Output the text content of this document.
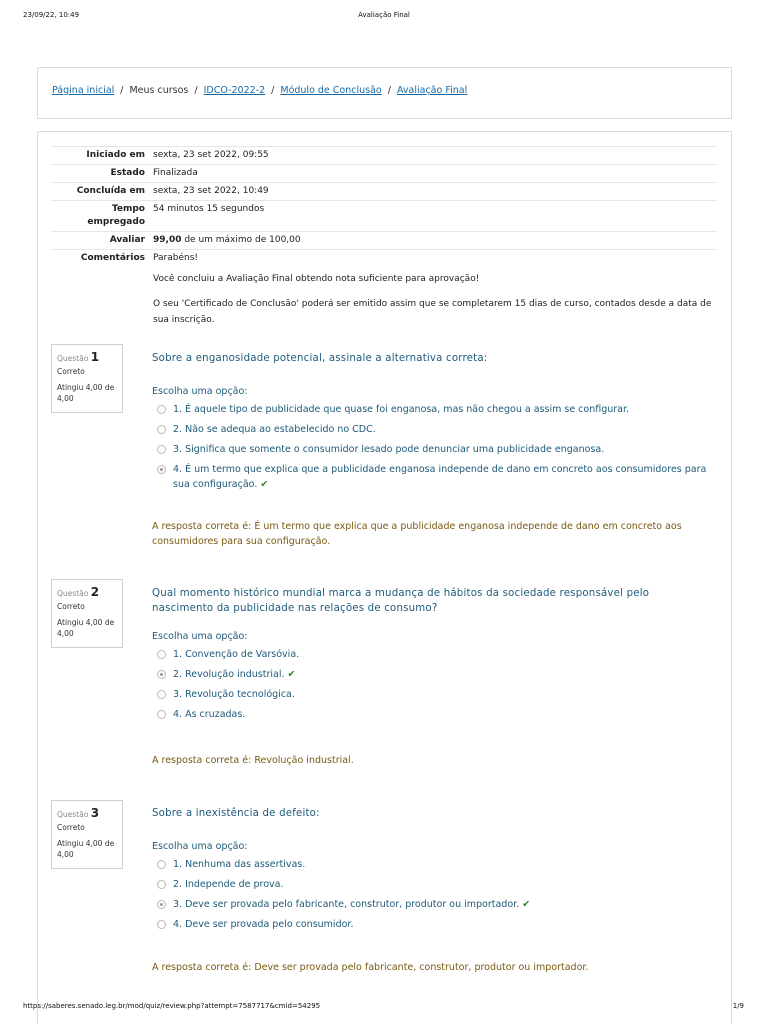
23/09/22, 10:49	Avaliação Final
Página inicial / Meus cursos / IDCO-2022-2 / Módulo de Conclusão / Avaliação Final
Iniciado em sexta, 23 set 2022, 09:55
Estado Finalizada
Concluída em sexta, 23 set 2022, 10:49
Tempo
empregado
54 minutos 15 segundos
Avaliar 99,00 de um máximo de 100,00
Comentários Parabéns!

Você concluiu a Avaliação Final obtendo nota suficiente para aprovação!

O seu 'Certificado de Conclusão' poderá ser emitido assim que se completarem 15 dias de curso, contados desde a data de sua inscrição.

Questão 1
Correto
Atingiu 4,00 de 4,00
Sobre a enganosidade potencial, assinale a alternativa correta:
Escolha uma opção:
1. É aquele tipo de publicidade que quase foi enganosa, mas não chegou a assim se configurar.
2. Não se adequa ao estabelecido no CDC.
3. Significa que somente o consumidor lesado pode denunciar uma publicidade enganosa.
4. É um termo que explica que a publicidade enganosa independe de dano em concreto aos consumidores para sua configuração. ✔
A resposta correta é: É um termo que explica que a publicidade enganosa independe de dano em concreto aos consumidores para sua configuração.
Questão 2
Correto
Atingiu 4,00 de 4,00
Qual momento histórico mundial marca a mudança de hábitos da sociedade responsável pelo nascimento da publicidade nas relações de consumo?
Escolha uma opção:
1. Convenção de Varsóvia.
2. Revolução industrial. ✔
3. Revolução tecnológica.
4. As cruzadas.
A resposta correta é: Revolução industrial.
Questão 3
Correto
Atingiu 4,00 de 4,00
Sobre a inexistência de defeito:
Escolha uma opção:
1. Nenhuma das assertivas.
2. Independe de prova.
3. Deve ser provada pelo fabricante, construtor, produtor ou importador. ✔
4. Deve ser provada pelo consumidor.
A resposta correta é: Deve ser provada pelo fabricante, construtor, produtor ou importador.
https://saberes.senado.leg.br/mod/quiz/review.php?attempt=7587717&cmid=54295	1/9
